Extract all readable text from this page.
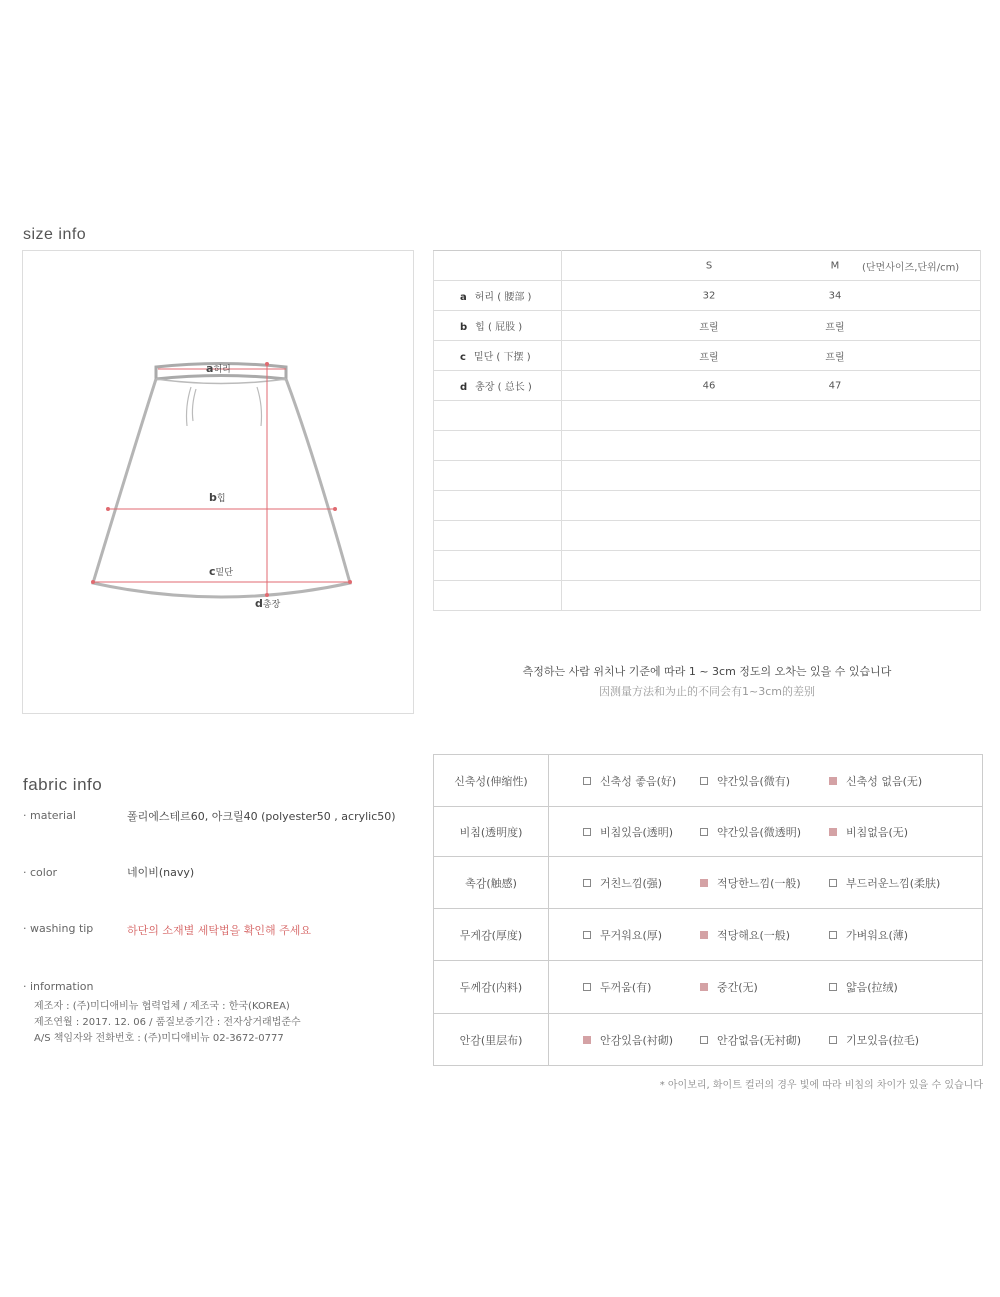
size info
a허리
b힙
c밑단
d총장

	S M (단면사이즈,단위/cm)

a 허리 ( 腰部 )	32 34

b 힙 ( 屁股 )	프릴 프릴

c 밑단 ( 下摆 )	프릴 프릴

d 총장 ( 总长 )	46 47

측정하는 사람 위치나 기준에 따라 1 ~ 3cm 정도의 오차는 있을 수 있습니다
因测量方法和为止的不同会有1~3cm的差别
fabric info
· material	폴리에스테르60, 아크릴40 (polyester50 , acrylic50)
· color	네이비(navy)
· washing tip	하단의 소재별 세탁법을 확인해 주세요
· information
제조자 : (주)미디애비뉴 협력업체 / 제조국 : 한국(KOREA)
제조연월 : 2017. 12. 06 / 품질보증기간 : 전자상거래법준수
A/S 책임자와 전화번호 : (주)미디애비뉴 02-3672-0777
신축성(伸缩性)	신축성 좋음(好) 약간있음(微有) 신축성 없음(无)

비침(透明度)	비침있음(透明) 약간있음(微透明) 비침없음(无)

촉감(触感)	거친느낌(强) 적당한느낌(一般) 부드러운느낌(柔肤)

무게감(厚度)	무거워요(厚) 적당해요(一般) 가벼워요(薄)

두께감(内料)	두꺼움(有) 중간(无) 얇음(拉绒)

안감(里层布)	안감있음(衬砌) 안감없음(无衬砌) 기모있음(拉毛)
* 아이보리, 화이트 컬러의 경우 빛에 따라 비침의 차이가 있을 수 있습니다
